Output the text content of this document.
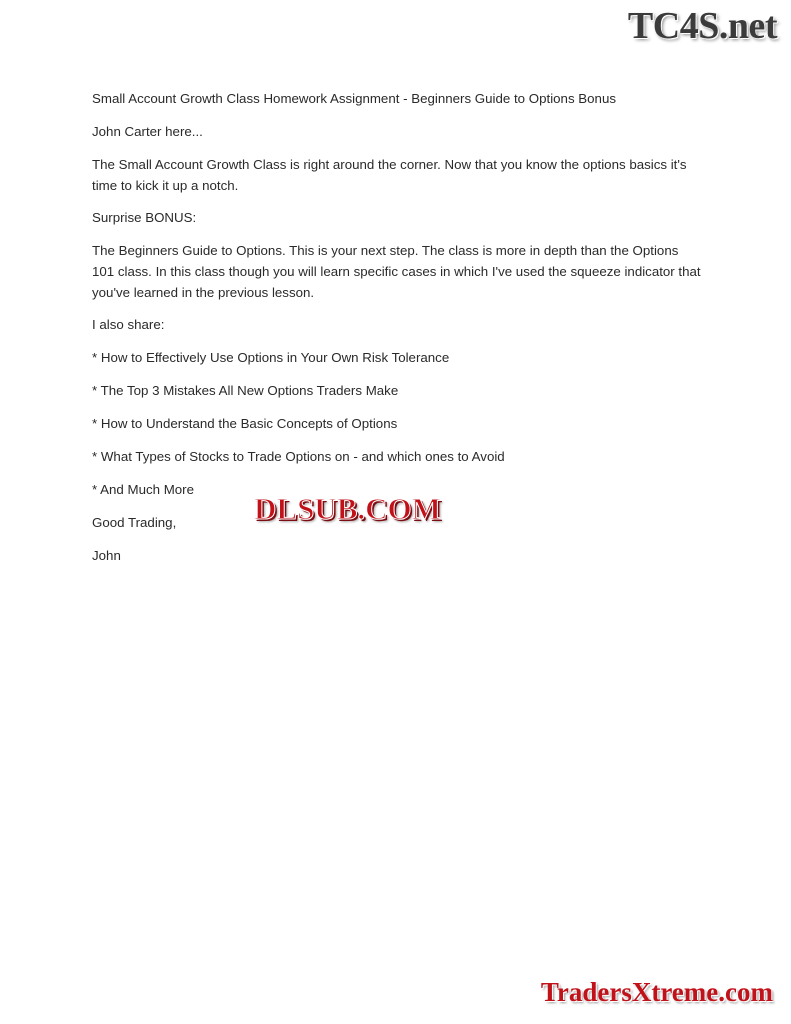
TC4S.net

Small Account Growth Class Homework Assignment - Beginners Guide to Options Bonus

John Carter here...

The Small Account Growth Class is right around the corner. Now that you know the options basics it's time to kick it up a notch.

Surprise BONUS:

The Beginners Guide to Options. This is your next step. The class is more in depth than the Options 101 class. In this class though you will learn specific cases in which I've used the squeeze indicator that you've learned in the previous lesson.

I also share:

* How to Effectively Use Options in Your Own Risk Tolerance

* The Top 3 Mistakes All New Options Traders Make

* How to Understand the Basic Concepts of Options

* What Types of Stocks to Trade Options on - and which ones to Avoid

* And Much More

Good Trading,

John

DLSUB.COM
TradersXtreme.com
